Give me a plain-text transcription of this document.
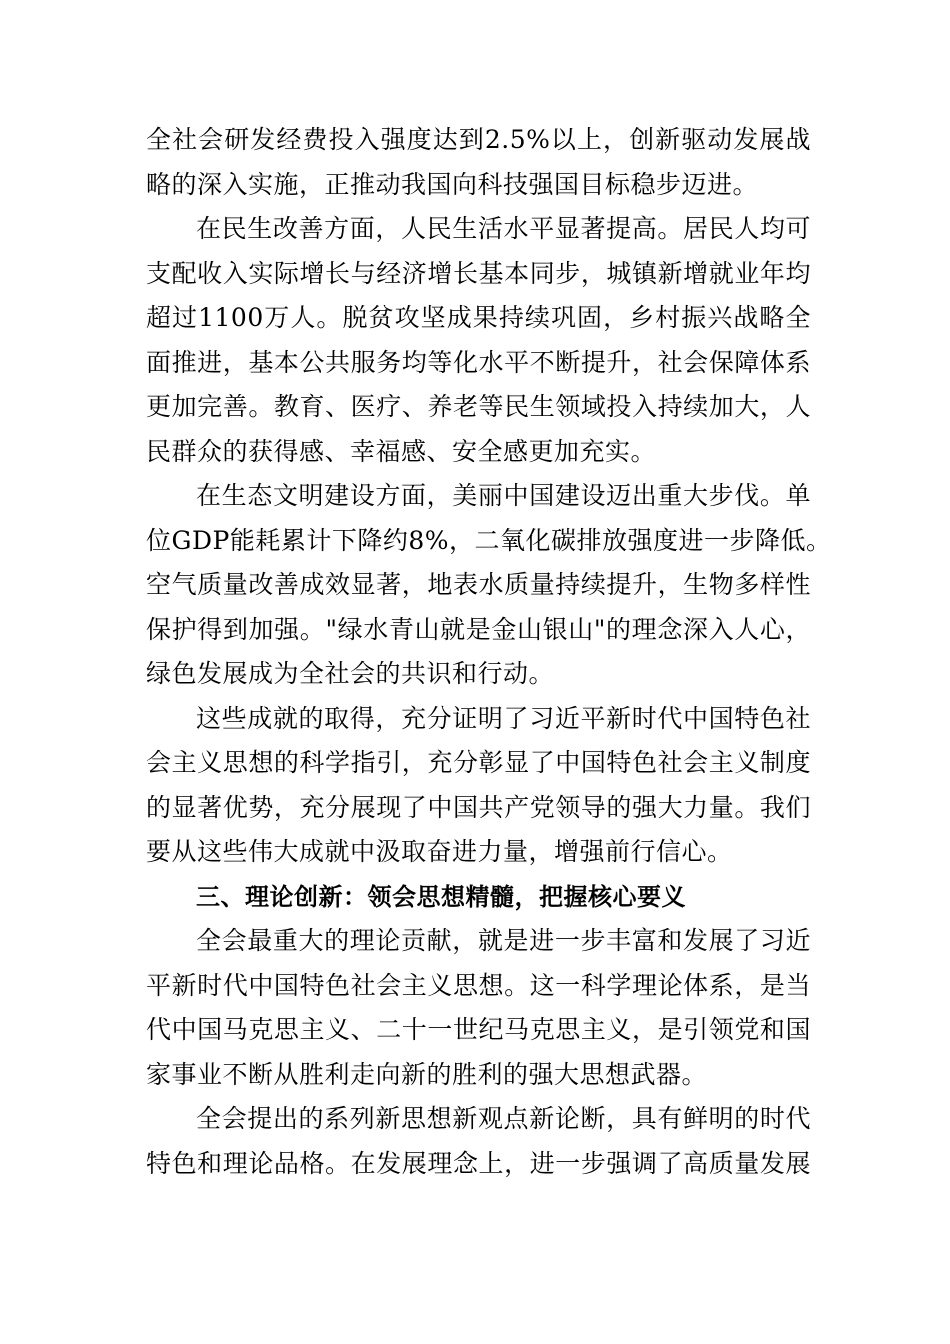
全社会研发经费投入强度达到2.5%以上，创新驱动发展战
略的深入实施，正推动我国向科技强国目标稳步迈进。
在民生改善方面，人民生活水平显著提高。居民人均可
支配收入实际增长与经济增长基本同步，城镇新增就业年均
超过1100万人。脱贫攻坚成果持续巩固，乡村振兴战略全
面推进，基本公共服务均等化水平不断提升，社会保障体系
更加完善。教育、医疗、养老等民生领域投入持续加大，人
民群众的获得感、幸福感、安全感更加充实。
在生态文明建设方面，美丽中国建设迈出重大步伐。单
位GDP能耗累计下降约8%，二氧化碳排放强度进一步降低。
空气质量改善成效显著，地表水质量持续提升，生物多样性
保护得到加强。"绿水青山就是金山银山"的理念深入人心，
绿色发展成为全社会的共识和行动。
这些成就的取得，充分证明了习近平新时代中国特色社
会主义思想的科学指引，充分彰显了中国特色社会主义制度
的显著优势，充分展现了中国共产党领导的强大力量。我们
要从这些伟大成就中汲取奋进力量，增强前行信心。
三、理论创新：领会思想精髓，把握核心要义
全会最重大的理论贡献，就是进一步丰富和发展了习近
平新时代中国特色社会主义思想。这一科学理论体系，是当
代中国马克思主义、二十一世纪马克思主义，是引领党和国
家事业不断从胜利走向新的胜利的强大思想武器。
全会提出的系列新思想新观点新论断，具有鲜明的时代
特色和理论品格。在发展理念上，进一步强调了高质量发展
